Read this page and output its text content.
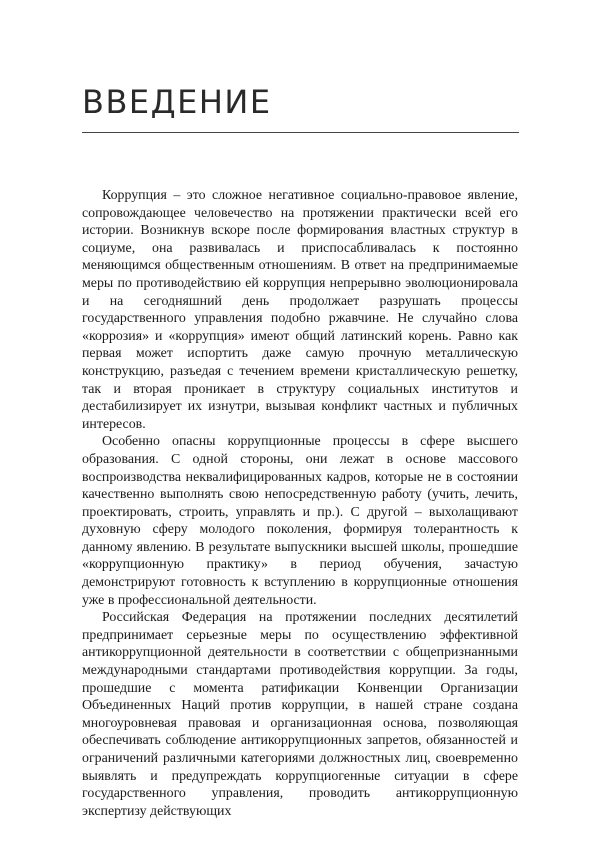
ВВЕДЕНИЕ

Коррупция – это сложное негативное социально-правовое явление, сопровождающее человечество на протяжении практически всей его истории. Возникнув вскоре после формирования властных структур в социуме, она развивалась и приспосабливалась к постоянно меняющимся общественным отношениям. В ответ на предпринимаемые меры по противодействию ей коррупция непрерывно эволюционировала и на сегодняшний день продолжает разрушать процессы государственного управления подобно ржавчине. Не случайно слова «коррозия» и «коррупция» имеют общий латинский корень. Равно как первая может испортить даже самую прочную металлическую конструкцию, разъедая с течением времени кристаллическую решетку, так и вторая проникает в структуру социальных институтов и дестабилизирует их изнутри, вызывая конфликт частных и публичных интересов.

Особенно опасны коррупционные процессы в сфере высшего образования. С одной стороны, они лежат в основе массового воспроизводства неквалифицированных кадров, которые не в состоянии качественно выполнять свою непосредственную работу (учить, лечить, проектировать, строить, управлять и пр.). С другой – выхолащивают духовную сферу молодого поколения, формируя толерантность к данному явлению. В результате выпускники высшей школы, прошедшие «коррупционную практику» в период обучения, зачастую демонстрируют готовность к вступлению в коррупционные отношения уже в профессиональной деятельности.

Российская Федерация на протяжении последних десятилетий предпринимает серьезные меры по осуществлению эффективной антикоррупционной деятельности в соответствии с общепризнанными международными стандартами противодействия коррупции. За годы, прошедшие с момента ратификации Конвенции Организации Объединенных Наций против коррупции, в нашей стране создана многоуровневая правовая и организационная основа, позволяющая обеспечивать соблюдение антикоррупционных запретов, обязанностей и ограничений различными категориями должностных лиц, своевременно выявлять и предупреждать коррупциогенные ситуации в сфере государственного управления, проводить антикоррупционную экспертизу действующих
